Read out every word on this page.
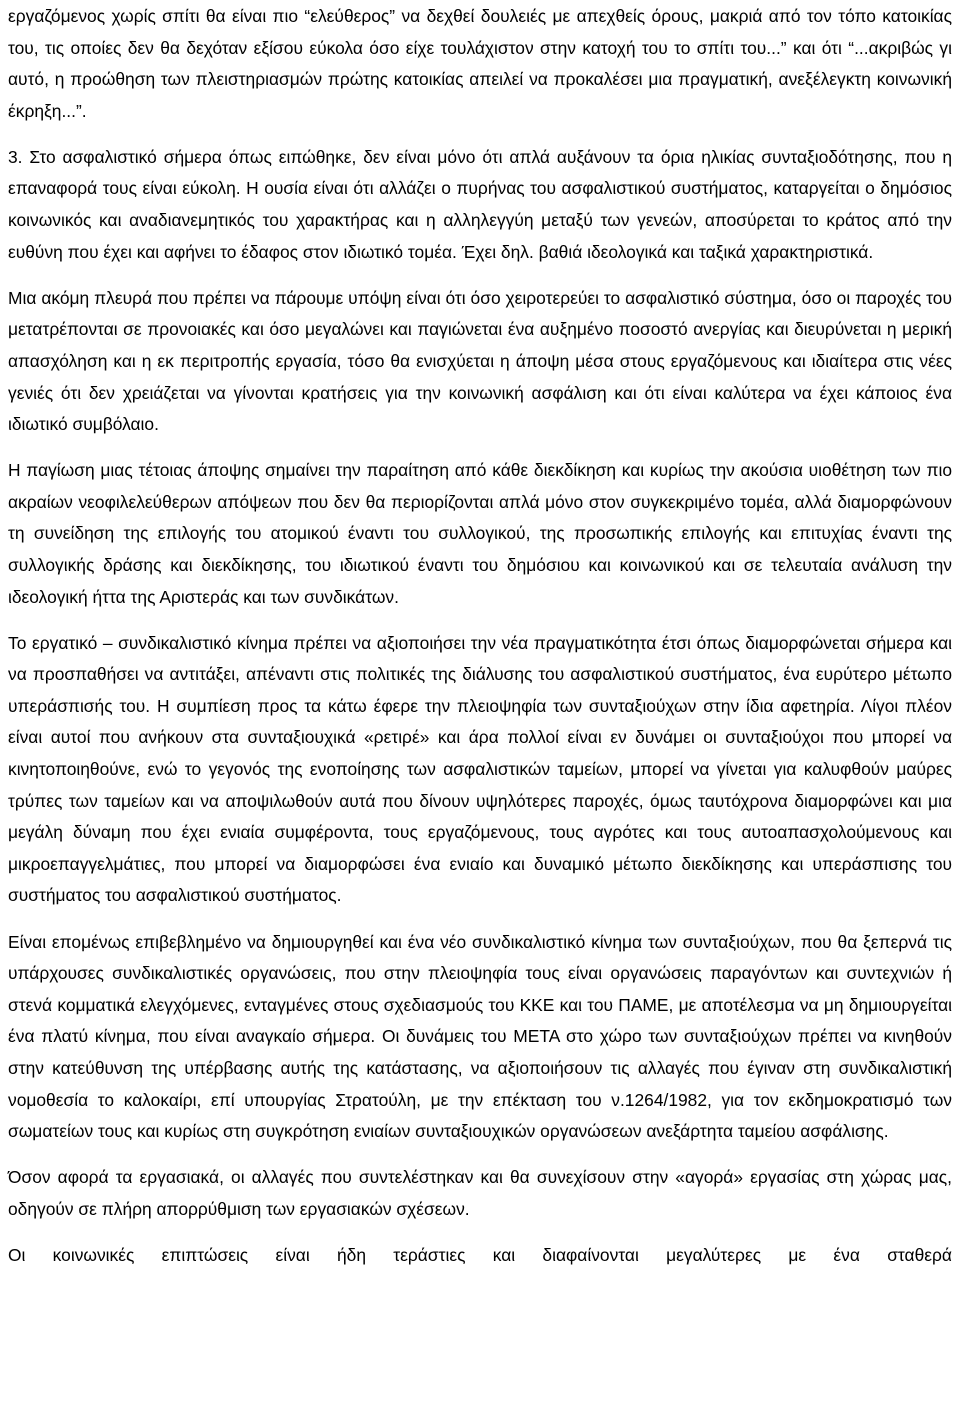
εργαζόμενος χωρίς σπίτι θα είναι πιο “ελεύθερος” να δεχθεί δουλειές με απεχθείς όρους, μακριά από τον τόπο κατοικίας του, τις οποίες δεν θα δεχόταν εξίσου εύκολα όσο είχε τουλάχιστον στην κατοχή του το σπίτι του...” και ότι “...ακριβώς γι αυτό, η προώθηση των πλειστηριασμών πρώτης κατοικίας απειλεί να προκαλέσει μια πραγματική, ανεξέλεγκτη κοινωνική έκρηξη...”.

3. Στο ασφαλιστικό σήμερα όπως ειπώθηκε, δεν είναι μόνο ότι απλά αυξάνουν τα όρια ηλικίας συνταξιοδότησης, που η επαναφορά τους είναι εύκολη. Η ουσία είναι ότι αλλάζει ο πυρήνας του ασφαλιστικού συστήματος, καταργείται ο δημόσιος κοινωνικός και αναδιανεμητικός του χαρακτήρας και η αλληλεγγύη μεταξύ των γενεών, αποσύρεται το κράτος από την ευθύνη που έχει και αφήνει το έδαφος στον ιδιωτικό τομέα. Έχει δηλ. βαθιά ιδεολογικά και ταξικά χαρακτηριστικά.

Μια ακόμη πλευρά που πρέπει να πάρουμε υπόψη είναι ότι όσο χειροτερεύει το ασφαλιστικό σύστημα, όσο οι παροχές του μετατρέπονται σε προνοιακές και όσο μεγαλώνει και παγιώνεται ένα αυξημένο ποσοστό ανεργίας και διευρύνεται η μερική απασχόληση και η εκ περιτροπής εργασία, τόσο θα ενισχύεται η άποψη μέσα στους εργαζόμενους και ιδιαίτερα στις νέες γενιές ότι δεν χρειάζεται να γίνονται κρατήσεις για την κοινωνική ασφάλιση και ότι είναι καλύτερα να έχει κάποιος ένα ιδιωτικό συμβόλαιο.

Η παγίωση μιας τέτοιας άποψης σημαίνει την παραίτηση από κάθε διεκδίκηση και κυρίως την ακούσια υιοθέτηση των πιο ακραίων νεοφιλελεύθερων απόψεων που δεν θα περιορίζονται απλά μόνο στον συγκεκριμένο τομέα, αλλά διαμορφώνουν τη συνείδηση της επιλογής του ατομικού έναντι του συλλογικού, της προσωπικής επιλογής και επιτυχίας έναντι της συλλογικής δράσης και διεκδίκησης, του ιδιωτικού έναντι του δημόσιου και κοινωνικού και σε τελευταία ανάλυση την ιδεολογική ήττα της Αριστεράς και των συνδικάτων.

Το εργατικό – συνδικαλιστικό κίνημα πρέπει να αξιοποιήσει την νέα πραγματικότητα έτσι όπως διαμορφώνεται σήμερα και να προσπαθήσει να αντιτάξει, απέναντι στις πολιτικές της διάλυσης του ασφαλιστικού συστήματος, ένα ευρύτερο μέτωπο υπεράσπισής του. Η συμπίεση προς τα κάτω έφερε την πλειοψηφία των συνταξιούχων στην ίδια αφετηρία. Λίγοι πλέον είναι αυτοί που ανήκουν στα συνταξιουχικά «ρετιρέ» και άρα πολλοί είναι εν δυνάμει οι συνταξιούχοι που μπορεί να κινητοποιηθούνε, ενώ το γεγονός της ενοποίησης των ασφαλιστικών ταμείων, μπορεί να γίνεται για καλυφθούν μαύρες τρύπες των ταμείων και να αποψιλωθούν αυτά που δίνουν υψηλότερες παροχές, όμως ταυτόχρονα διαμορφώνει και μια μεγάλη δύναμη που έχει ενιαία συμφέροντα, τους εργαζόμενους, τους αγρότες και τους αυτοαπασχολούμενους και μικροεπαγγελμάτιες, που μπορεί να διαμορφώσει ένα ενιαίο και δυναμικό μέτωπο διεκδίκησης και υπεράσπισης του συστήματος του ασφαλιστικού συστήματος.

Είναι επομένως επιβεβλημένο να δημιουργηθεί και ένα νέο συνδικαλιστικό κίνημα των συνταξιούχων, που θα ξεπερνά τις υπάρχουσες συνδικαλιστικές οργανώσεις, που στην πλειοψηφία τους είναι οργανώσεις παραγόντων και συντεχνιών ή στενά κομματικά ελεγχόμενες, ενταγμένες στους σχεδιασμούς του ΚΚΕ και του ΠΑΜΕ, με αποτέλεσμα να μη δημιουργείται ένα πλατύ κίνημα, που είναι αναγκαίο σήμερα. Οι δυνάμεις του ΜΕΤΑ στο χώρο των συνταξιούχων πρέπει να κινηθούν στην κατεύθυνση της υπέρβασης αυτής της κατάστασης, να αξιοποιήσουν τις αλλαγές που έγιναν στη συνδικαλιστική νομοθεσία το καλοκαίρι, επί υπουργίας Στρατούλη, με την επέκταση του ν.1264/1982, για τον εκδημοκρατισμό των σωματείων τους και κυρίως στη συγκρότηση ενιαίων συνταξιουχικών οργανώσεων ανεξάρτητα ταμείου ασφάλισης.

Όσον αφορά τα εργασιακά, οι αλλαγές που συντελέστηκαν και θα συνεχίσουν στην «αγορά» εργασίας στη χώρας μας, οδηγούν σε πλήρη απορρύθμιση των εργασιακών σχέσεων.

Οι κοινωνικές επιπτώσεις είναι ήδη τεράστιες και διαφαίνονται μεγαλύτερες με ένα σταθερά
